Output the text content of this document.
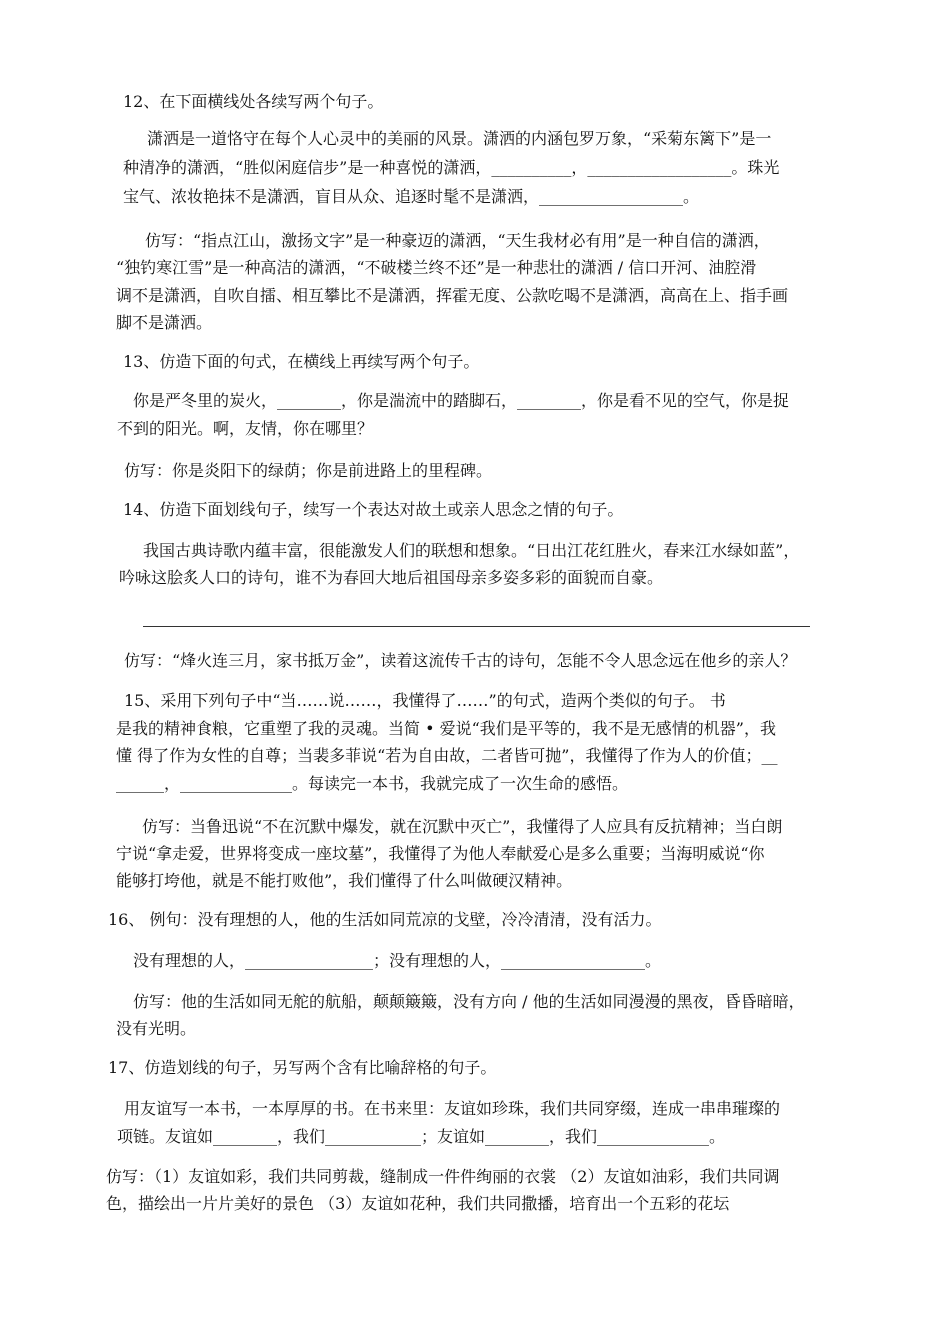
12、在下面横线处各续写两个句子。
潇洒是一道恪守在每个人心灵中的美丽的风景。潇洒的内涵包罗万象，“采菊东篱下”是一
种清净的潇洒，“胜似闲庭信步”是一种喜悦的潇洒，__________，__________________。珠光
宝气、浓妆艳抹不是潇洒，盲目从众、追逐时髦不是潇洒，__________________。
仿写：“指点江山，激扬文字”是一种豪迈的潇洒，“天生我材必有用”是一种自信的潇洒，
“独钓寒江雪”是一种高洁的潇洒，“不破楼兰终不还”是一种悲壮的潇洒 / 信口开河、油腔滑
调不是潇洒，自吹自擂、相互攀比不是潇洒，挥霍无度、公款吃喝不是潇洒，高高在上、指手画
脚不是潇洒。
13、仿造下面的句式，在横线上再续写两个句子。
你是严冬里的炭火，________，你是湍流中的踏脚石，________，你是看不见的空气，你是捉
不到的阳光。啊，友情，你在哪里？
仿写：你是炎阳下的绿荫；你是前进路上的里程碑。
14、仿造下面划线句子，续写一个表达对故土或亲人思念之情的句子。
我国古典诗歌内蕴丰富，很能激发人们的联想和想象。“日出江花红胜火，春来江水绿如蓝”，
吟咏这脍炙人口的诗句，谁不为春回大地后祖国母亲多姿多彩的面貌而自豪。
仿写：“烽火连三月，家书抵万金”，读着这流传千古的诗句，怎能不令人思念远在他乡的亲人？
15、采用下列句子中“当……说……，我懂得了……”的句式，造两个类似的句子。 书
是我的精神食粮，它重塑了我的灵魂。当简 • 爱说“我们是平等的，我不是无感情的机器”，我
懂 得了作为女性的自尊；当裴多菲说“若为自由故，二者皆可抛”，我懂得了作为人的价值；__
______，______________。每读完一本书，我就完成了一次生命的感悟。
仿写：当鲁迅说“不在沉默中爆发，就在沉默中灭亡”，我懂得了人应具有反抗精神；当白朗
宁说“拿走爱，世界将变成一座坟墓”，我懂得了为他人奉献爱心是多么重要；当海明威说“你
能够打垮他，就是不能打败他”，我们懂得了什么叫做硬汉精神。
16、 例句：没有理想的人，他的生活如同荒凉的戈壁，冷冷清清，没有活力。
没有理想的人，________________；没有理想的人，__________________。
仿写：他的生活如同无舵的航船，颠颠簸簸，没有方向 / 他的生活如同漫漫的黑夜，昏昏暗暗，
没有光明。
17、仿造划线的句子，另写两个含有比喻辞格的句子。
用友谊写一本书，一本厚厚的书。在书来里：友谊如珍珠，我们共同穿缀，连成一串串璀璨的
项链。友谊如________，我们____________；友谊如________，我们______________。
仿写：（1）友谊如彩，我们共同剪裁，缝制成一件件绚丽的衣裳 （2）友谊如油彩，我们共同调
色，描绘出一片片美好的景色 （3）友谊如花种，我们共同撒播，培育出一个五彩的花坛
